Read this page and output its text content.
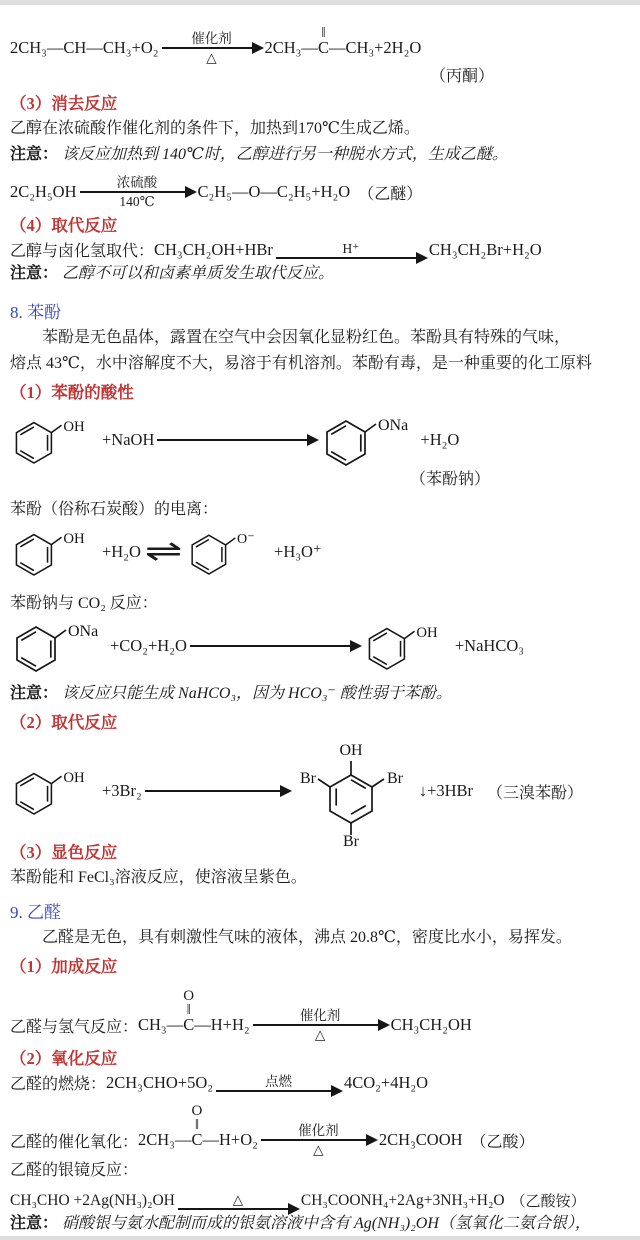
2CH₃—CH—CH₃+O₂ 催化剂
△
2CH₃—
‖
C —CH₃+2H₂O
（丙酮）
（3）消去反应
乙醇在浓硫酸作催化剂的条件下，加热到170℃生成乙烯。
注意： 该反应加热到 140℃时，乙醇进行另一种脱水方式，生成乙醚。
2C₂H₅OH	浓硫酸
140℃
C₂H₅—O—C₂H₅+H₂O （乙醚）
（4）取代反应
乙醇与卤化氢取代： CH₃CH₂OH+HBr	H⁺	CH₃CH₂Br+H₂O
注意： 乙醇不可以和卤素单质发生取代反应。
8. 苯酚
苯酚是无色晶体，露置在空气中会因氧化显粉红色。苯酚具有特殊的气味，
熔点 43℃，水中溶解度不大，易溶于有机溶剂。苯酚有毒，是一种重要的化工原料
（1）苯酚的酸性
OH
+NaOH
ONa
+H₂O
（苯酚钠）
苯酚（俗称石炭酸）的电离：
OH
+H₂O ⇌	O⁻
+H₃O⁺
苯酚钠与 CO₂ 反应：
ONa
+CO₂+H₂O
OH
+NaHCO₃
注意： 该反应只能生成 NaHCO₃，因为 HCO₃⁻ 酸性弱于苯酚。
（2）取代反应
OH
+3Br₂
OH
Br
Br
Br
↓+3HBr （三溴苯酚）
（3）显色反应
苯酚能和 FeCl₃溶液反应，使溶液呈紫色。
9. 乙醛
乙醛是无色，具有刺激性气味的液体，沸点 20.8℃，密度比水小，易挥发。
（1）加成反应
乙醛与氢气反应： CH₃—
O
‖
C —H+H₂	催化剂
△
CH₃CH₂OH
（2）氧化反应
乙醛的燃烧： 2CH₃CHO+5O₂	点燃	4CO₂+4H₂O
乙醛的催化氧化： 2CH₃—
O
‖
C —H+O₂	催化剂
△
2CH₃COOH （乙酸）
乙醛的银镜反应：
CH₃CHO +2Ag(NH₃)₂OH	△	CH₃COONH₄+2Ag+3NH₃+H₂O （乙酸铵）
注意： 硝酸银与氨水配制而成的银氨溶液中含有 Ag(NH₃)₂OH（氢氧化二氨合银），
